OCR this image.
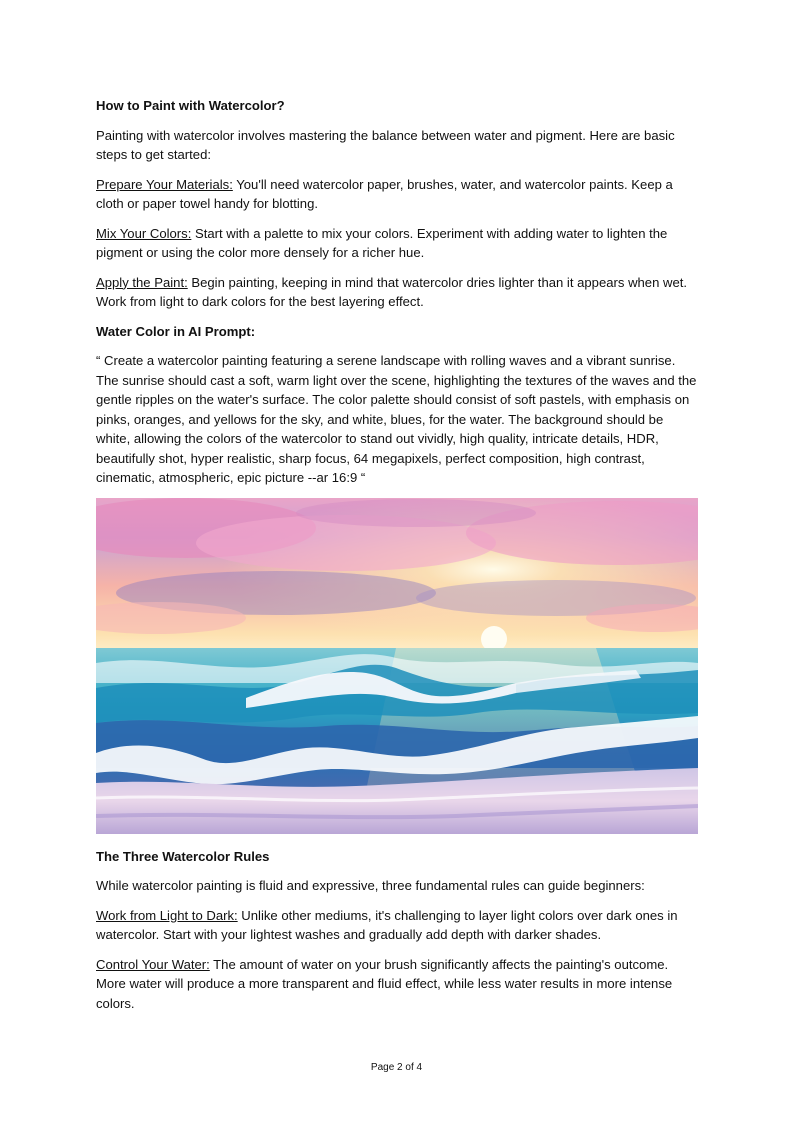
How to Paint with Watercolor?

Painting with watercolor involves mastering the balance between water and pigment. Here are basic steps to get started:

Prepare Your Materials: You'll need watercolor paper, brushes, water, and watercolor paints. Keep a cloth or paper towel handy for blotting.

Mix Your Colors: Start with a palette to mix your colors. Experiment with adding water to lighten the pigment or using the color more densely for a richer hue.

Apply the Paint: Begin painting, keeping in mind that watercolor dries lighter than it appears when wet. Work from light to dark colors for the best layering effect.

Water Color in AI Prompt:

“ Create a watercolor painting featuring a serene landscape with rolling waves and a vibrant sunrise. The sunrise should cast a soft, warm light over the scene, highlighting the textures of the waves and the gentle ripples on the water's surface. The color palette should consist of soft pastels, with emphasis on pinks, oranges, and yellows for the sky, and white, blues, for the water. The background should be white, allowing the colors of the watercolor to stand out vividly, high quality, intricate details, HDR, beautifully shot, hyper realistic, sharp focus, 64 megapixels, perfect composition, high contrast, cinematic, atmospheric, epic picture --ar 16:9 “

The Three Watercolor Rules

While watercolor painting is fluid and expressive, three fundamental rules can guide beginners:

Work from Light to Dark: Unlike other mediums, it's challenging to layer light colors over dark ones in watercolor. Start with your lightest washes and gradually add depth with darker shades.

Control Your Water: The amount of water on your brush significantly affects the painting's outcome. More water will produce a more transparent and fluid effect, while less water results in more intense colors.

Page 2 of 4
